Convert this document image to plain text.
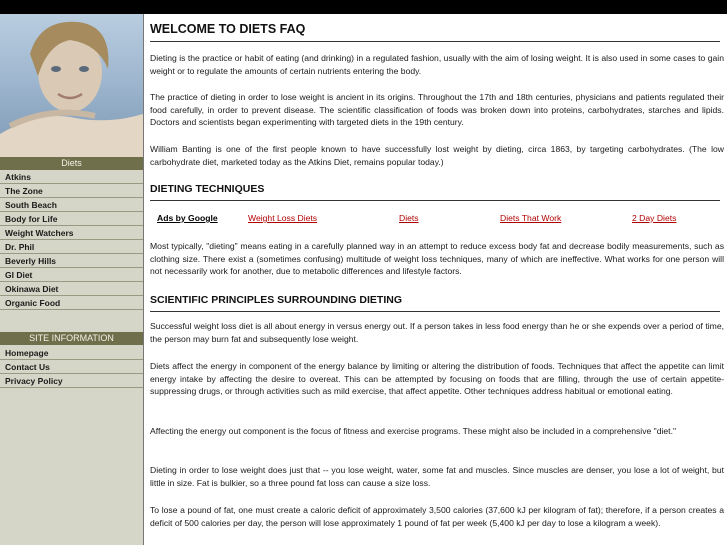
Diets
Atkins
The Zone
South Beach
Body for Life
Weight Watchers
Dr. Phil
Beverly Hills
GI Diet
Okinawa Diet
Organic Food
SITE INFORMATION
Homepage
Contact Us
Privacy Policy
WELCOME TO DIETS FAQ
Dieting is the practice or habit of eating (and drinking) in a regulated fashion, usually with the aim of losing weight. It is also used in some cases to gain weight or to regulate the amounts of certain nutrients entering the body.
The practice of dieting in order to lose weight is ancient in its origins. Throughout the 17th and 18th centuries, physicians and patients regulated their food carefully, in order to prevent disease. The scientific classification of foods was broken down into proteins, carbohydrates, starches and lipids. Doctors and scientists began experimenting with targeted diets in the 19th century.
William Banting is one of the first people known to have successfully lost weight by dieting, circa 1863, by targeting carbohydrates. (The low carbohydrate diet, marketed today as the Atkins Diet, remains popular today.)
DIETING TECHNIQUES
Ads by Google	Weight Loss Diets	Diets	Diets That Work	2 Day Diets
Most typically, "dieting" means eating in a carefully planned way in an attempt to reduce excess body fat and decrease bodily measurements, such as clothing size. There exist a (sometimes confusing) multitude of weight loss techniques, many of which are ineffective. What works for one person will not necessarily work for another, due to metabolic differences and lifestyle factors.
SCIENTIFIC PRINCIPLES SURROUNDING DIETING
Successful weight loss diet is all about energy in versus energy out. If a person takes in less food energy than he or she expends over a period of time, the person may burn fat and subsequently lose weight.
Diets affect the energy in component of the energy balance by limiting or altering the distribution of foods. Techniques that affect the appetite can limit energy intake by affecting the desire to overeat. This can be attempted by focusing on foods that are filling, through the use of certain appetite-suppressing drugs, or through activities such as mild exercise, that affect appetite. Other techniques address habitual or emotional eating.
Affecting the energy out component is the focus of fitness and exercise programs. These might also be included in a comprehensive "diet."
Dieting in order to lose weight does just that -- you lose weight, water, some fat and muscles. Since muscles are denser, you lose a lot of weight, but little in size. Fat is bulkier, so a three pound fat loss can cause a size loss.
To lose a pound of fat, one must create a caloric deficit of approximately 3,500 calories (37,600 kJ per kilogram of fat); therefore, if a person creates a deficit of 500 calories per day, the person will lose approximately 1 pound of fat per week (5,400 kJ per day to lose a kilogram a week).
